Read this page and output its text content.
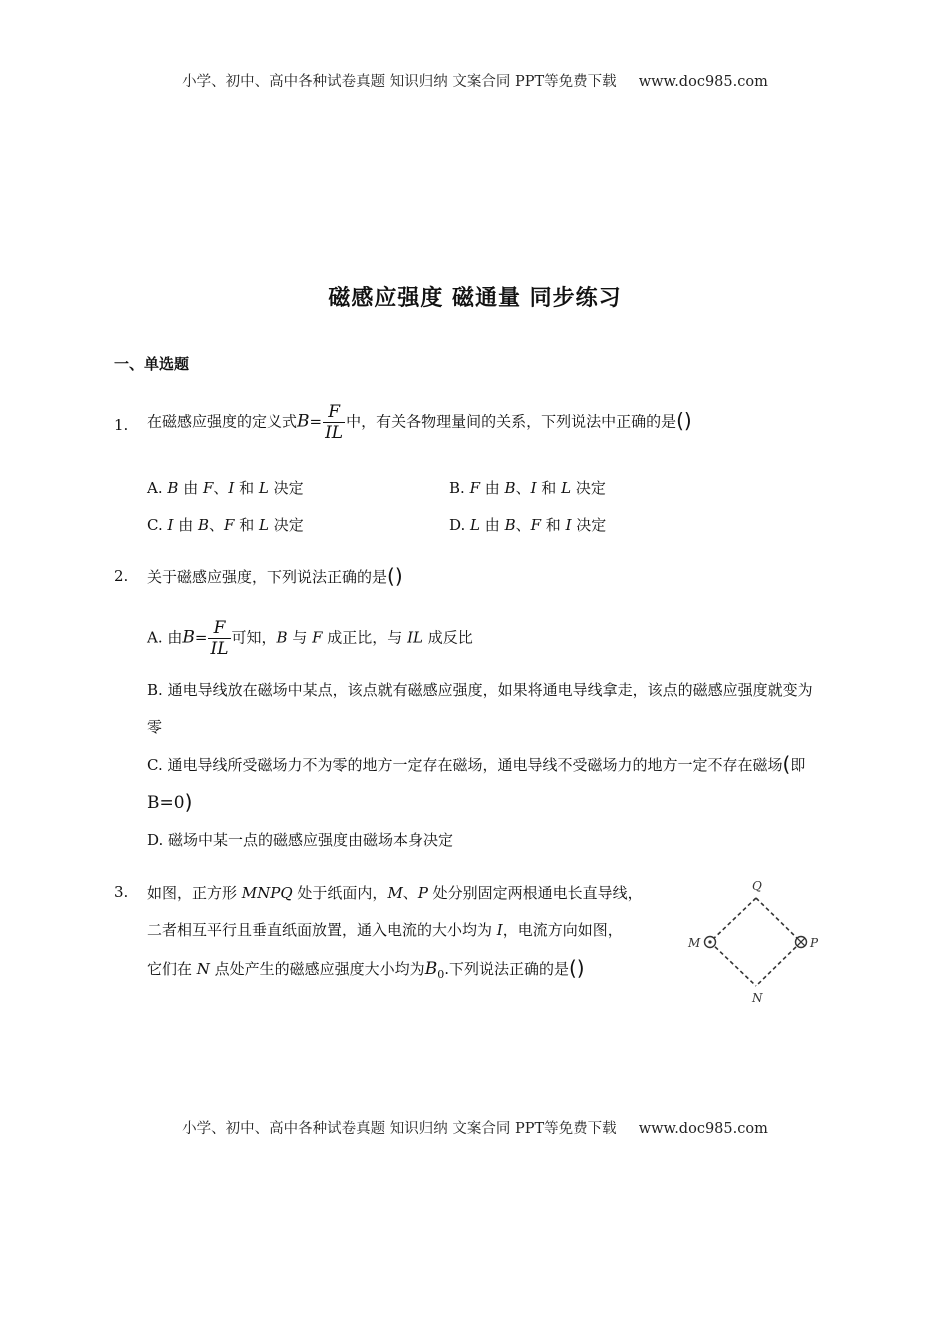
小学、初中、高中各种试卷真题 知识归纳 文案合同 PPT等免费下载 www.doc985.com
磁感应强度 磁通量 同步练习
一、单选题
1.	在磁感应强度的定义式$B= \frac{F}{IL}$ 中，有关各物理量间的关系，下列说法中正确的是()
A. B 由 F、I 和 L 决定	B. F 由 B、I 和 L 决定
C. I 由 B、F 和 L 决定	D. L 由 B、F 和 I 决定
2.	关于磁感应强度，下列说法正确的是()
A. 由$B= \frac{F}{IL}$ 可知，B 与 F 成正比，与 IL 成反比
B. 通电导线放在磁场中某点，该点就有磁感应强度，如果将通电导线拿走，该点的磁感应强度就变为零
C. 通电导线所受磁场力不为零的地方一定存在磁场，通电导线不受磁场力的地方一定不存在磁场(即B=0)
D. 磁场中某一点的磁感应强度由磁场本身决定
3.	如图，正方形 MNPQ 处于纸面内，M、P 处分别固定两根通电长直导线，
二者相互平行且垂直纸面放置，通入电流的大小均为 I，电流方向如图，
它们在 N 点处产生的磁感应强度大小均为$B_0$.下列说法正确的是()
Q
M	P
N
小学、初中、高中各种试卷真题 知识归纳 文案合同 PPT等免费下载 www.doc985.com
